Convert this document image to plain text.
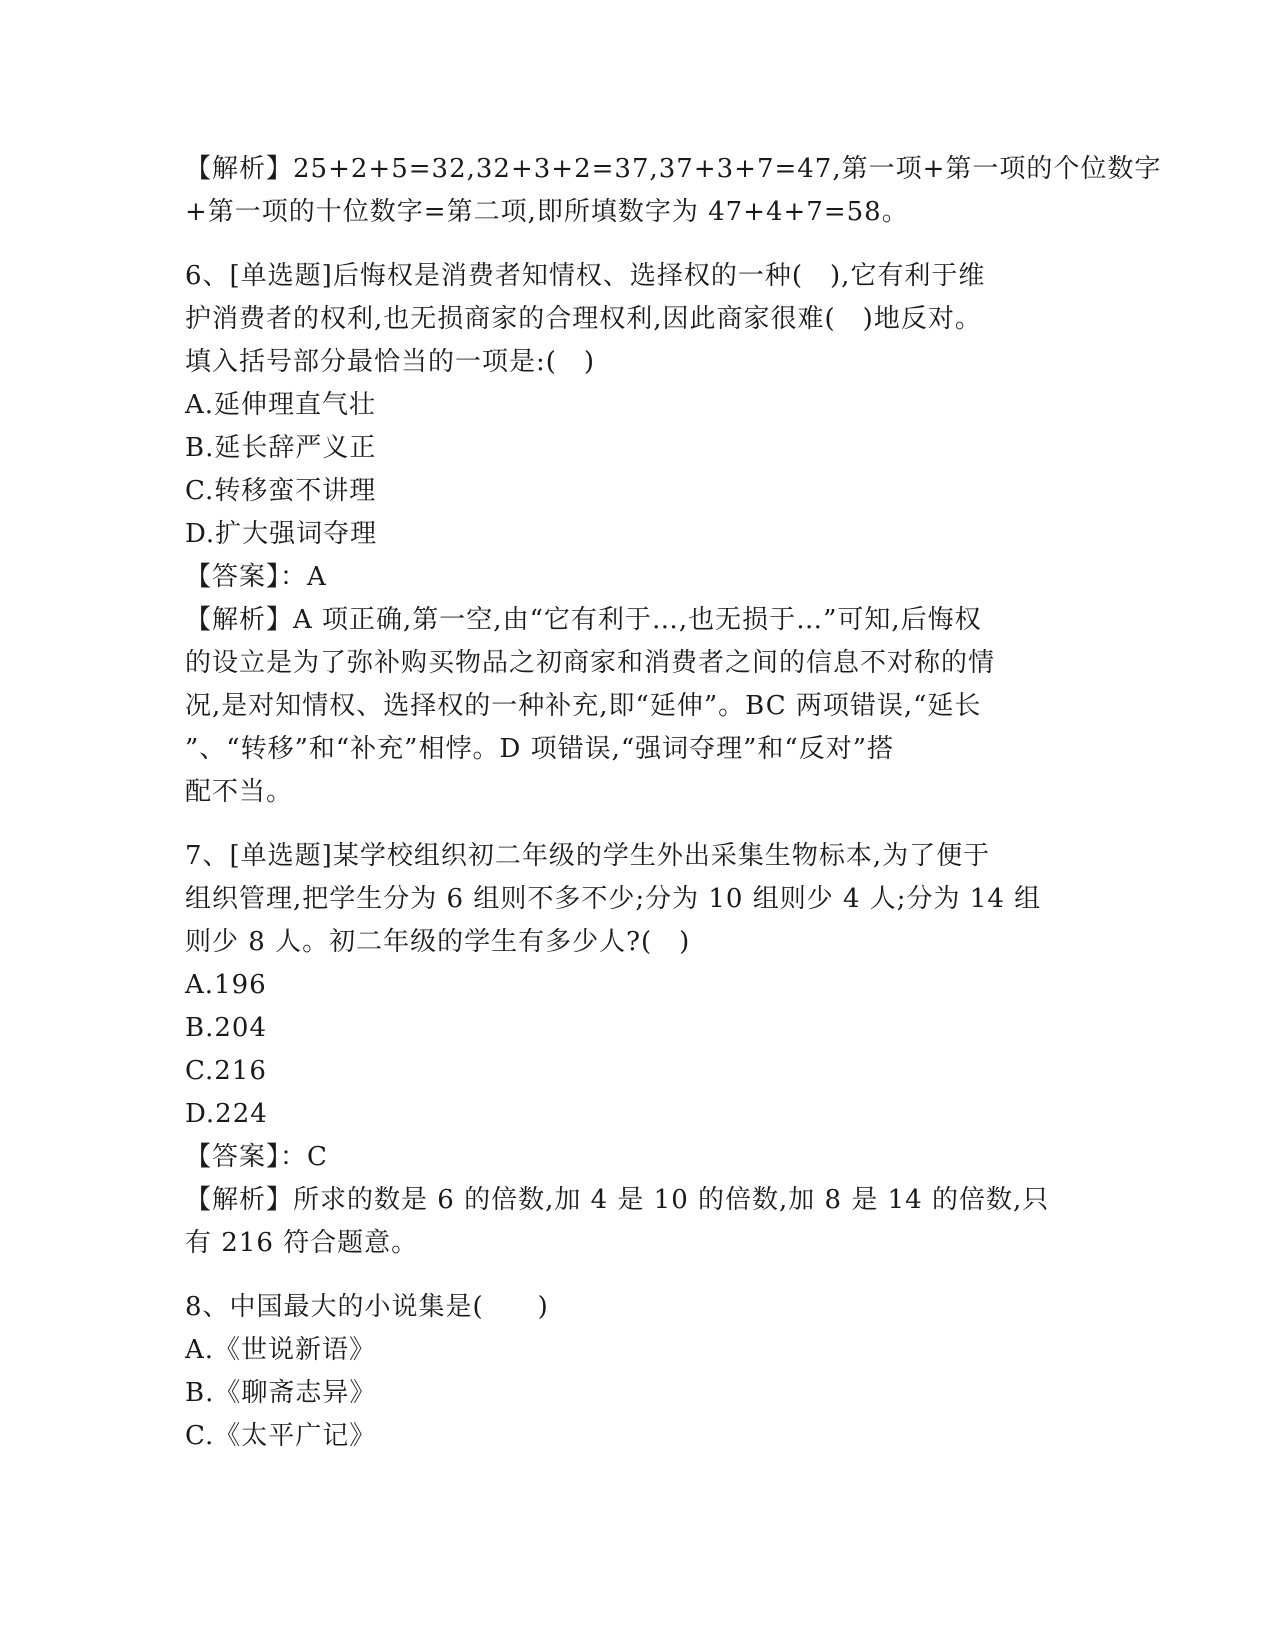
【解析】25+2+5=32,32+3+2=37,37+3+7=47,第一项+第一项的个位数字
+第一项的十位数字=第二项,即所填数字为 47+4+7=58。
6、[单选题]后悔权是消费者知情权、选择权的一种(　),它有利于维
护消费者的权利,也无损商家的合理权利,因此商家很难(　)地反对。
填入括号部分最恰当的一项是:(　)
A.延伸理直气壮
B.延长辞严义正
C.转移蛮不讲理
D.扩大强词夺理
【答案】：A
【解析】A 项正确,第一空,由“它有利于…,也无损于…”可知,后悔权
的设立是为了弥补购买物品之初商家和消费者之间的信息不对称的情
况,是对知情权、选择权的一种补充,即“延伸”。BC 两项错误,“延长
”、“转移”和“补充”相悖。D 项错误,“强词夺理”和“反对”搭
配不当。
7、[单选题]某学校组织初二年级的学生外出采集生物标本,为了便于
组织管理,把学生分为 6 组则不多不少;分为 10 组则少 4 人;分为 14 组
则少 8 人。初二年级的学生有多少人?(　)
A.196
B.204
C.216
D.224
【答案】：C
【解析】所求的数是 6 的倍数,加 4 是 10 的倍数,加 8 是 14 的倍数,只
有 216 符合题意。
8、中国最大的小说集是(　　)
A.《世说新语》
B.《聊斋志异》
C.《太平广记》
